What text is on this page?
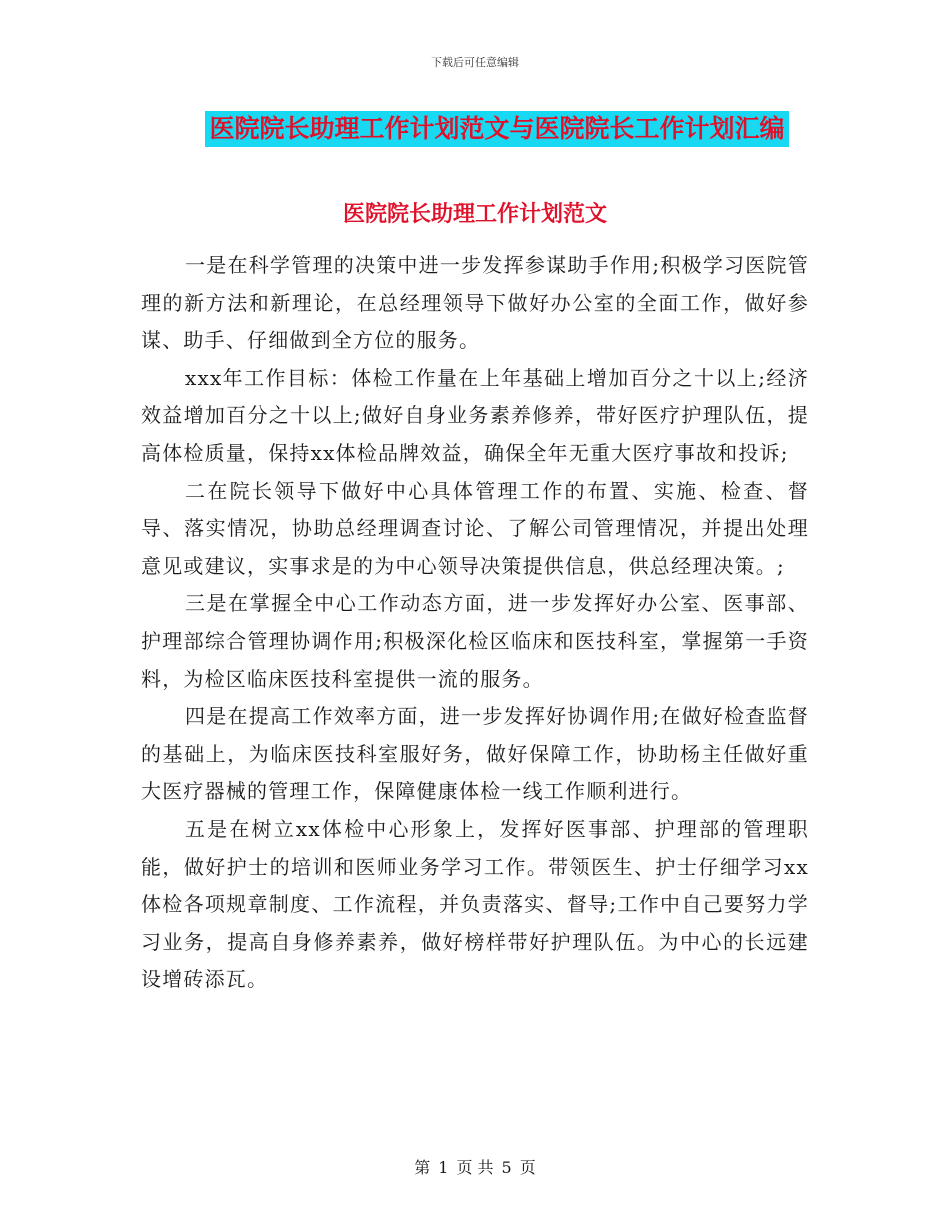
下载后可任意编辑
医院院长助理工作计划范文与医院院长工作计划汇编
医院院长助理工作计划范文

一是在科学管理的决策中进一步发挥参谋助手作用;积极学习医院管理的新方法和新理论，在总经理领导下做好办公室的全面工作，做好参谋、助手、仔细做到全方位的服务。

xxx年工作目标：体检工作量在上年基础上增加百分之十以上;经济效益增加百分之十以上;做好自身业务素养修养，带好医疗护理队伍，提高体检质量，保持xx体检品牌效益，确保全年无重大医疗事故和投诉;

二在院长领导下做好中心具体管理工作的布置、实施、检查、督导、落实情况，协助总经理调查讨论、了解公司管理情况，并提出处理意见或建议，实事求是的为中心领导决策提供信息，供总经理决策。;

三是在掌握全中心工作动态方面，进一步发挥好办公室、医事部、护理部综合管理协调作用;积极深化检区临床和医技科室，掌握第一手资料，为检区临床医技科室提供一流的服务。

四是在提高工作效率方面，进一步发挥好协调作用;在做好检查监督的基础上，为临床医技科室服好务，做好保障工作，协助杨主任做好重大医疗器械的管理工作，保障健康体检一线工作顺利进行。

五是在树立xx体检中心形象上，发挥好医事部、护理部的管理职能，做好护士的培训和医师业务学习工作。带领医生、护士仔细学习xx体检各项规章制度、工作流程，并负责落实、督导;工作中自己要努力学习业务，提高自身修养素养，做好榜样带好护理队伍。为中心的长远建设增砖添瓦。

第 1 页 共 5 页
